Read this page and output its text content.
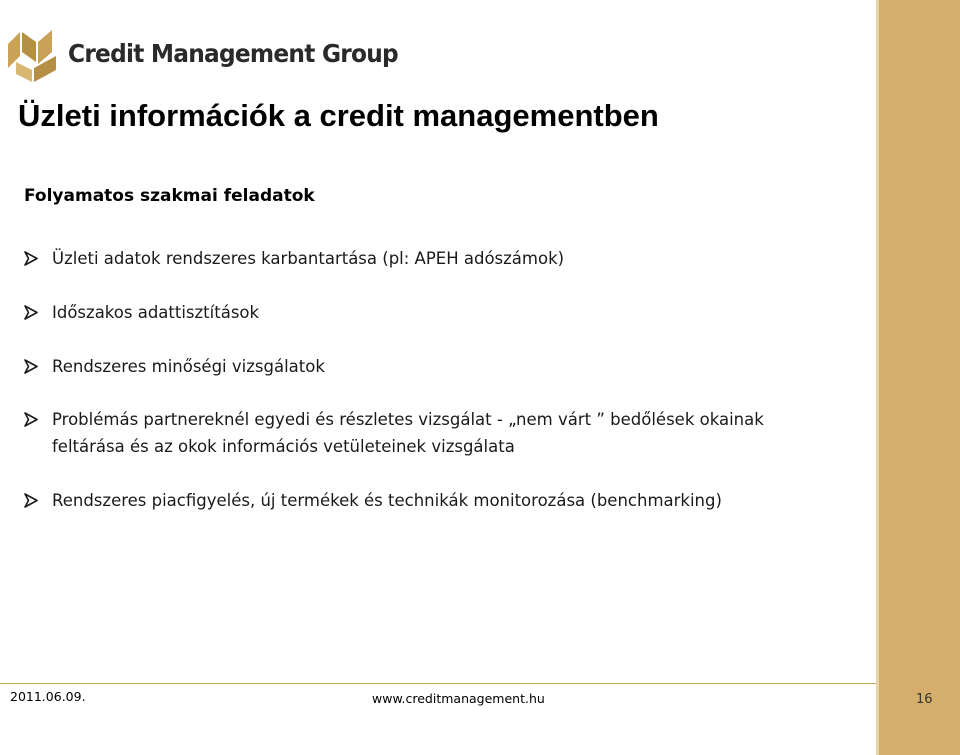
Credit Management Group
Üzleti információk a credit managementben
Folyamatos szakmai feladatok
Üzleti adatok rendszeres karbantartása (pl: APEH adószámok)
Időszakos adattisztítások
Rendszeres minőségi vizsgálatok
Problémás partnereknél egyedi és részletes vizsgálat - „nem várt ” bedőlések okainak feltárása és az okok információs vetületeinek vizsgálata
Rendszeres piacfigyelés, új termékek és technikák monitorozása (benchmarking)
2011.06.09.	www.creditmanagement.hu	16
